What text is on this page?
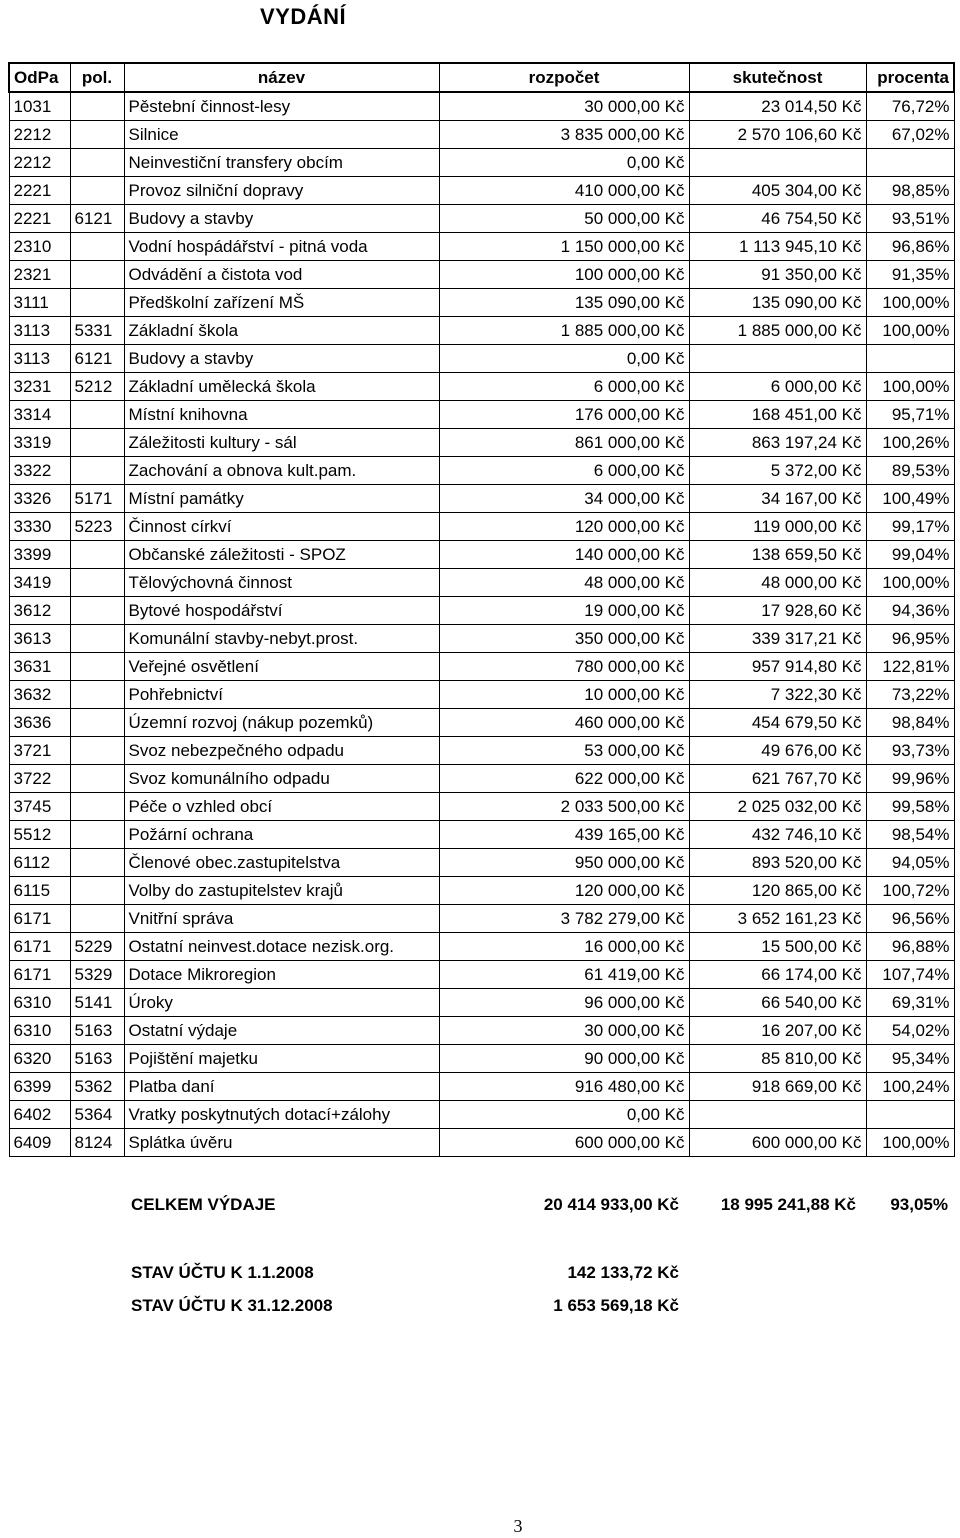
VYDÁNÍ
OdPa	pol.	název	rozpočet	skutečnost	procenta
1031		Pěstební činnost-lesy	30 000,00 Kč	23 014,50 Kč	76,72%
2212		Silnice	3 835 000,00 Kč	2 570 106,60 Kč	67,02%
2212		Neinvestiční transfery obcím	0,00 Kč		
2221		Provoz silniční dopravy	410 000,00 Kč	405 304,00 Kč	98,85%
2221	6121	Budovy a stavby	50 000,00 Kč	46 754,50 Kč	93,51%
2310		Vodní hospádářství - pitná voda	1 150 000,00 Kč	1 113 945,10 Kč	96,86%
2321		Odvádění a čistota vod	100 000,00 Kč	91 350,00 Kč	91,35%
3111		Předškolní zařízení MŠ	135 090,00 Kč	135 090,00 Kč	100,00%
3113	5331	Základní škola	1 885 000,00 Kč	1 885 000,00 Kč	100,00%
3113	6121	Budovy a stavby	0,00 Kč		
3231	5212	Základní umělecká škola	6 000,00 Kč	6 000,00 Kč	100,00%
3314		Místní knihovna	176 000,00 Kč	168 451,00 Kč	95,71%
3319		Záležitosti kultury - sál	861 000,00 Kč	863 197,24 Kč	100,26%
3322		Zachování a obnova kult.pam.	6 000,00 Kč	5 372,00 Kč	89,53%
3326	5171	Místní památky	34 000,00 Kč	34 167,00 Kč	100,49%
3330	5223	Činnost církví	120 000,00 Kč	119 000,00 Kč	99,17%
3399		Občanské záležitosti - SPOZ	140 000,00 Kč	138 659,50 Kč	99,04%
3419		Tělovýchovná činnost	48 000,00 Kč	48 000,00 Kč	100,00%
3612		Bytové hospodářství	19 000,00 Kč	17 928,60 Kč	94,36%
3613		Komunální stavby-nebyt.prost.	350 000,00 Kč	339 317,21 Kč	96,95%
3631		Veřejné osvětlení	780 000,00 Kč	957 914,80 Kč	122,81%
3632		Pohřebnictví	10 000,00 Kč	7 322,30 Kč	73,22%
3636		Územní rozvoj (nákup pozemků)	460 000,00 Kč	454 679,50 Kč	98,84%
3721		Svoz nebezpečného odpadu	53 000,00 Kč	49 676,00 Kč	93,73%
3722		Svoz komunálního odpadu	622 000,00 Kč	621 767,70 Kč	99,96%
3745		Péče o vzhled obcí	2 033 500,00 Kč	2 025 032,00 Kč	99,58%
5512		Požární ochrana	439 165,00 Kč	432 746,10 Kč	98,54%
6112		Členové obec.zastupitelstva	950 000,00 Kč	893 520,00 Kč	94,05%
6115		Volby do zastupitelstev krajů	120 000,00 Kč	120 865,00 Kč	100,72%
6171		Vnitřní správa	3 782 279,00 Kč	3 652 161,23 Kč	96,56%
6171	5229	Ostatní neinvest.dotace nezisk.org.	16 000,00 Kč	15 500,00 Kč	96,88%
6171	5329	Dotace Mikroregion	61 419,00 Kč	66 174,00 Kč	107,74%
6310	5141	Úroky	96 000,00 Kč	66 540,00 Kč	69,31%
6310	5163	Ostatní výdaje	30 000,00 Kč	16 207,00 Kč	54,02%
6320	5163	Pojištění majetku	90 000,00 Kč	85 810,00 Kč	95,34%
6399	5362	Platba daní	916 480,00 Kč	918 669,00 Kč	100,24%
6402	5364	Vratky poskytnutých dotací+zálohy	0,00 Kč		
6409	8124	Splátka úvěru	600 000,00 Kč	600 000,00 Kč	100,00%
CELKEM VÝDAJE	20 414 933,00 Kč 18 995 241,88 Kč 93,05%
STAV ÚČTU K 1.1.2008	142 133,72 Kč
STAV ÚČTU K 31.12.2008	1 653 569,18 Kč
3
